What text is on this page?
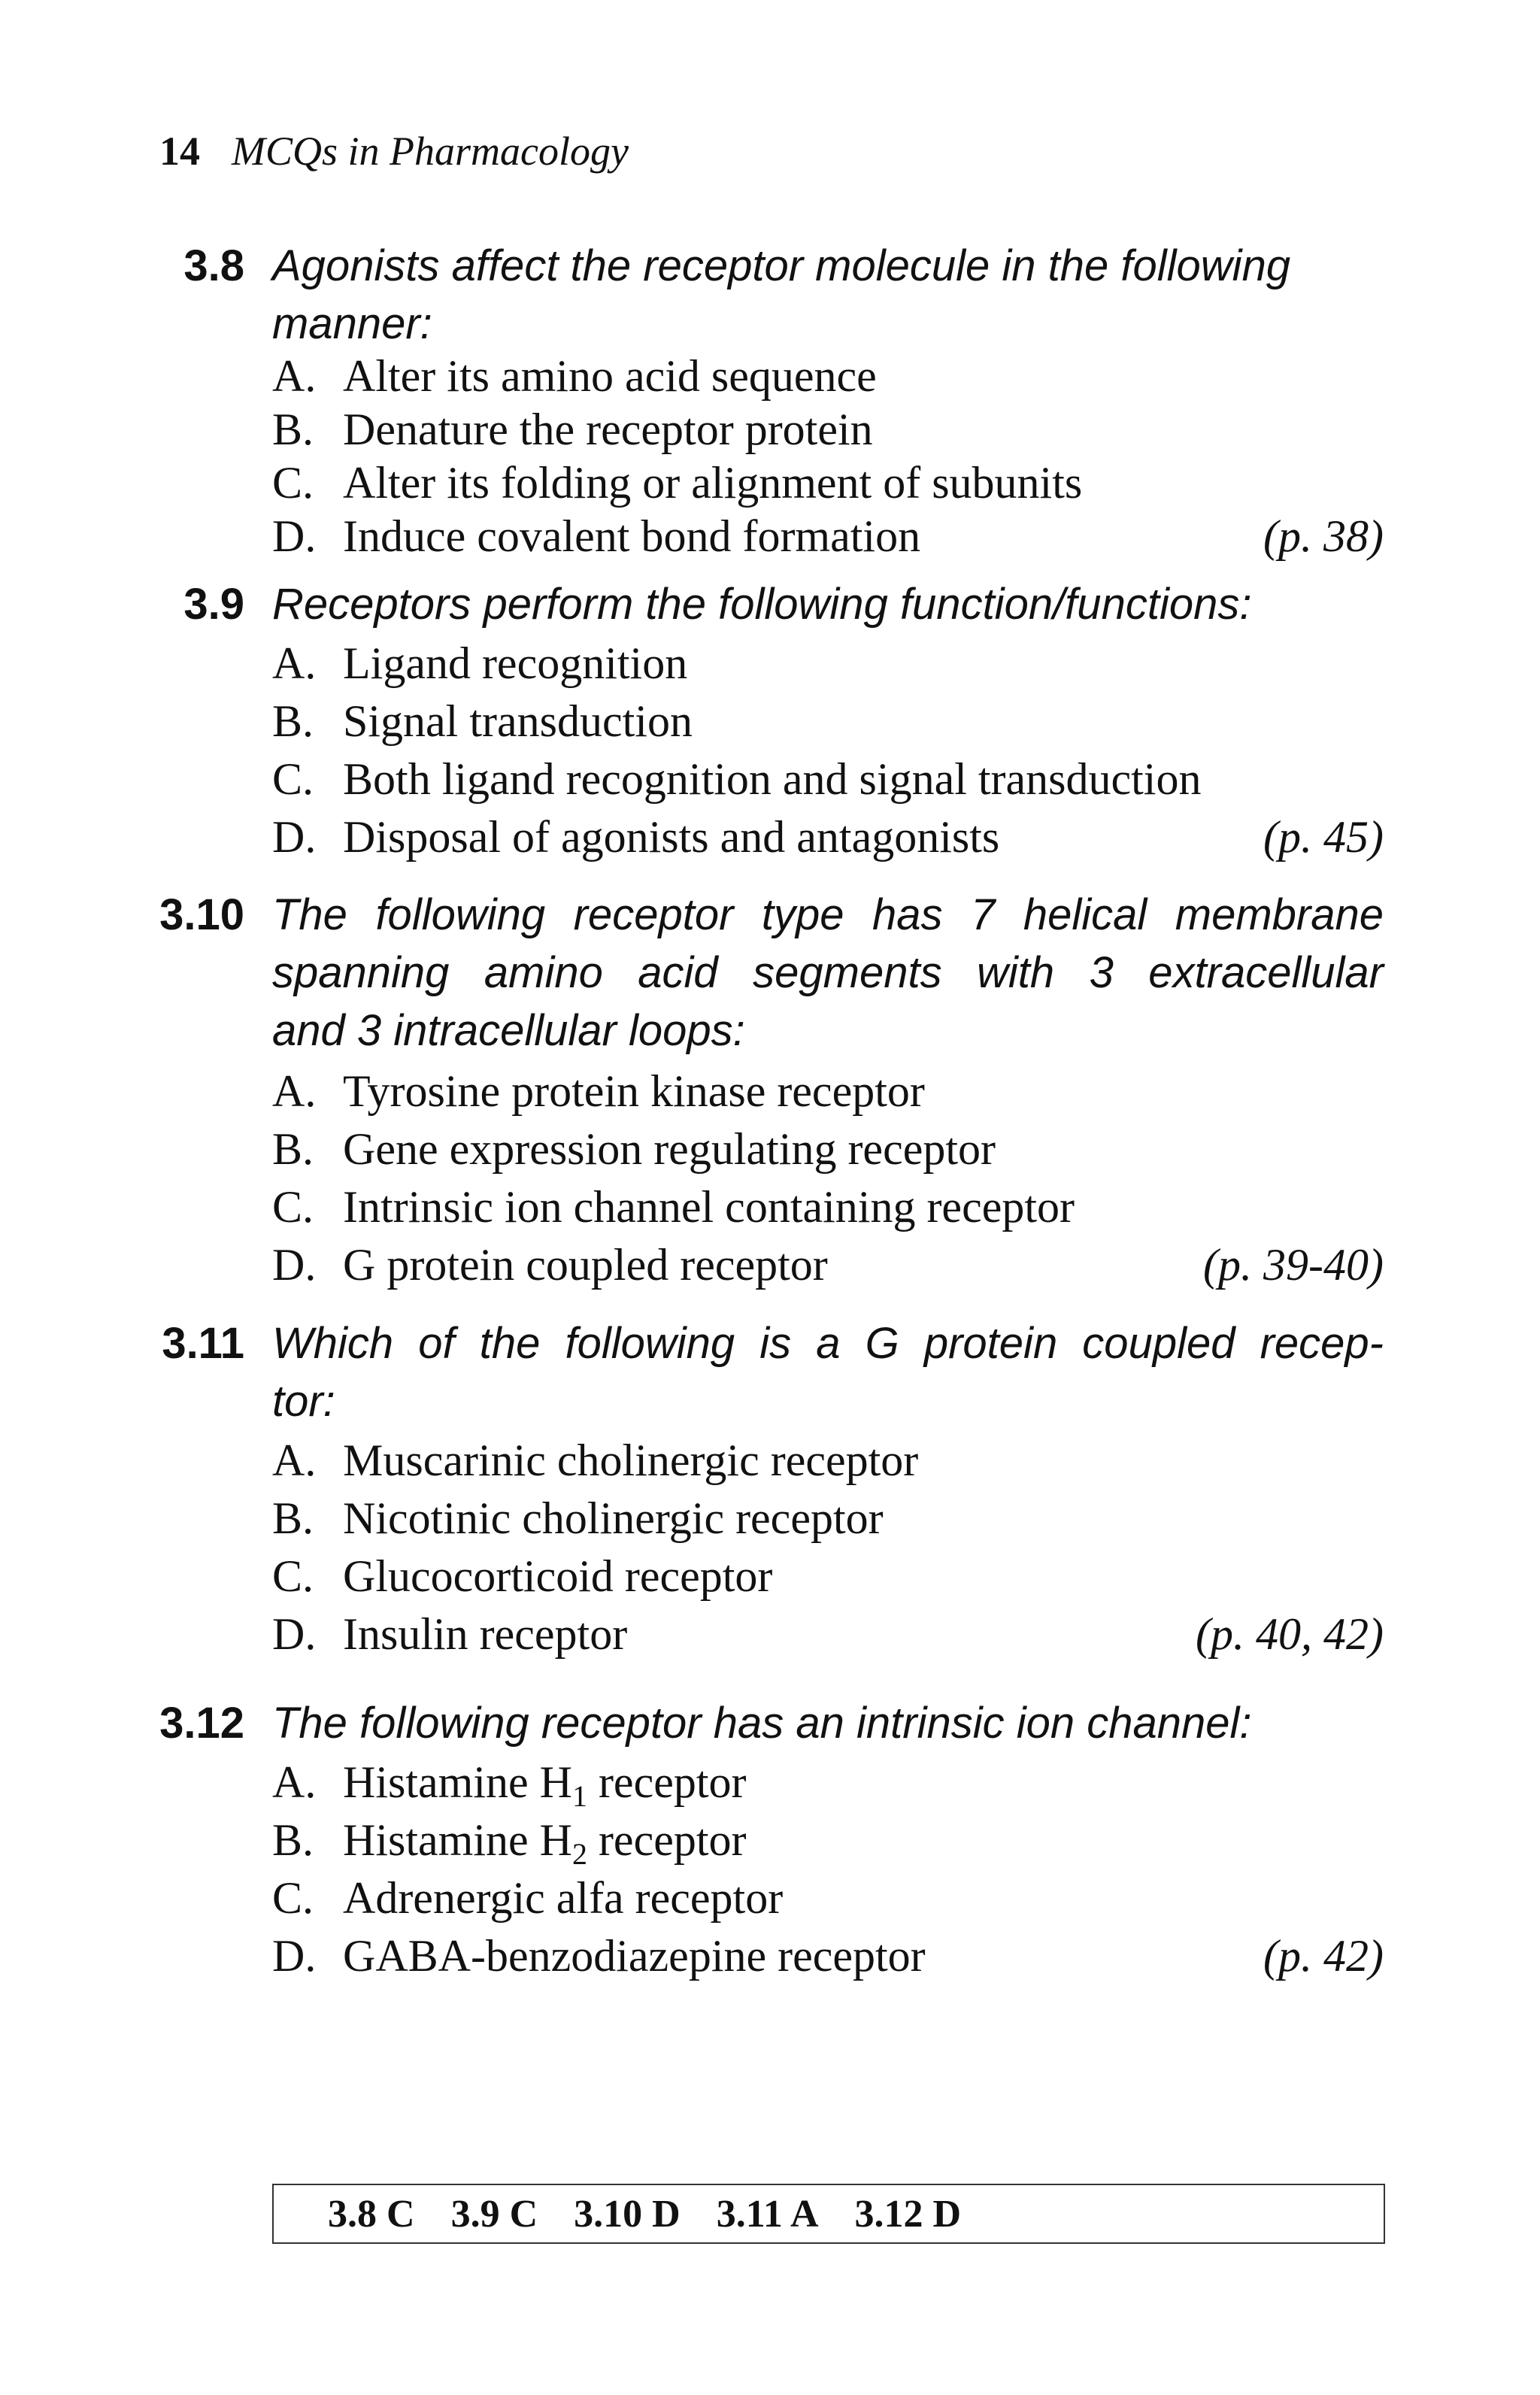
14 MCQs in Pharmacology
3.8 Agonists affect the receptor molecule in the following
manner:
A. Alter its amino acid sequence
B. Denature the receptor protein
C. Alter its folding or alignment of subunits
D. Induce covalent bond formation	(p. 38)
3.9 Receptors perform the following function/functions:
A. Ligand recognition
B. Signal transduction
C. Both ligand recognition and signal transduction
D. Disposal of agonists and antagonists	(p. 45)
3.10 The following receptor type has 7 helical membrane
spanning amino acid segments with 3 extracellular
and 3 intracellular loops:
A. Tyrosine protein kinase receptor
B. Gene expression regulating receptor
C. Intrinsic ion channel containing receptor
D. G protein coupled receptor	(p. 39-40)
3.11 Which of the following is a G protein coupled recep-
tor:
A. Muscarinic cholinergic receptor
B. Nicotinic cholinergic receptor
C. Glucocorticoid receptor
D. Insulin receptor	(p. 40, 42)
3.12 The following receptor has an intrinsic ion channel:
A. Histamine $H_1$ receptor
B. Histamine $H_2$ receptor
C. Adrenergic alfa receptor
D. GABA-benzodiazepine receptor	(p. 42)
3.8 C 3.9 C 3.10 D 3.11 A 3.12 D
